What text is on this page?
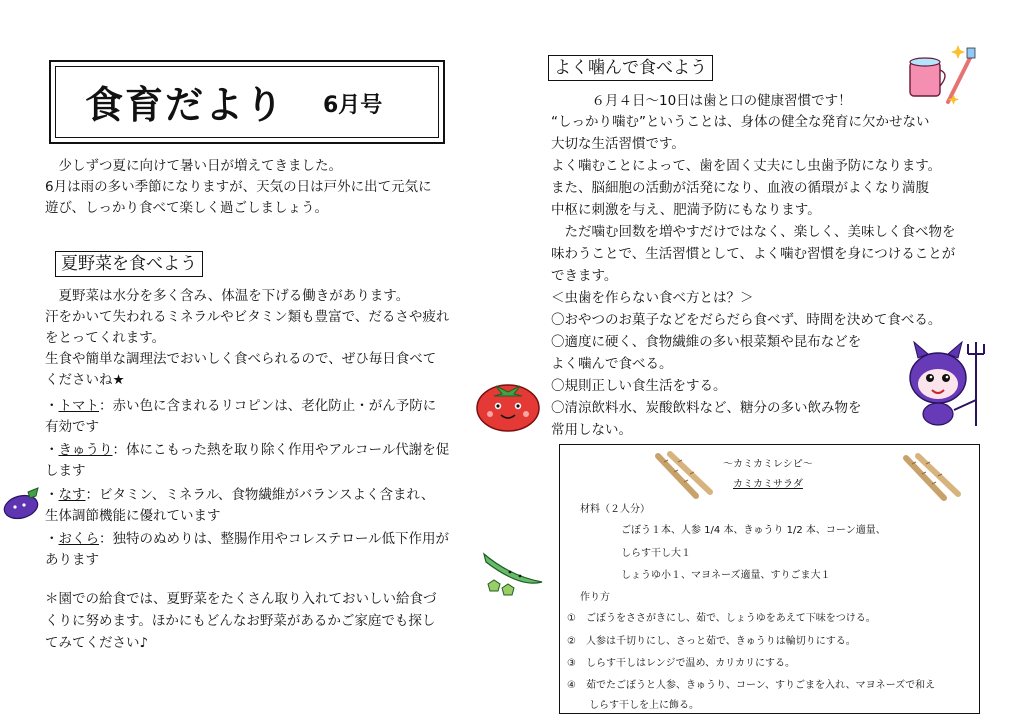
食育だより 6月号
　少しずつ夏に向けて暑い日が増えてきました。
6月は雨の多い季節になりますが、天気の日は戸外に出て元気に
遊び、しっかり食べて楽しく過ごしましょう。
夏野菜を食べよう
　夏野菜は水分を多く含み、体温を下げる働きがあります。
汗をかいて失われるミネラルやビタミン類も豊富で、だるさや疲れ
をとってくれます。
生食や簡単な調理法でおいしく食べられるので、ぜひ毎日食べて
くださいね★
・トマト：赤い色に含まれるリコピンは、老化防止・がん予防に
有効です
・きゅうり：体にこもった熱を取り除く作用やアルコール代謝を促
します
・なす：ビタミン、ミネラル、食物繊維がバランスよく含まれ、
生体調節機能に優れています
・おくら：独特のぬめりは、整腸作用やコレステロール低下作用が
あります
＊園での給食では、夏野菜をたくさん取り入れておいしい給食づ
くりに努めます。ほかにもどんなお野菜があるかご家庭でも探し
てみてください♪
よく噛んで食べよう
　　　６月４日～10日は歯と口の健康習慣です！
“しっかり噛む”ということは、身体の健全な発育に欠かせない
大切な生活習慣です。
よく噛むことによって、歯を固く丈夫にし虫歯予防になります。
また、脳細胞の活動が活発になり、血液の循環がよくなり満腹
中枢に刺激を与え、肥満予防にもなります。
　ただ噛む回数を増やすだけではなく、楽しく、美味しく食べ物を
味わうことで、生活習慣として、よく噛む習慣を身につけることが
できます。
＜虫歯を作らない食べ方とは？＞
〇おやつのお菓子などをだらだら食べず、時間を決めて食べる。
〇適度に硬く、食物繊維の多い根菜類や昆布などを
よく噛んで食べる。
〇規則正しい食生活をする。
〇清涼飲料水、炭酸飲料など、糖分の多い飲み物を
常用しない。
～カミカミレシピ～
カミカミサラダ
材料（２人分）
ごぼう１本、人参 1/4 本、きゅうり 1/2 本、コーン適量、
しらす干し大１
しょうゆ小１、マヨネーズ適量、すりごま大１
作り方
①　 ごぼうをささがきにし、茹で、しょうゆをあえて下味をつける。
②　 人参は千切りにし、さっと茹で、きゅうりは輪切りにする。
③　 しらす干しはレンジで温め、カリカリにする。
④　 茹でたごぼうと人参、きゅうり、コーン、すりごまを入れ、マヨネーズで和え
しらす干しを上に飾る。
